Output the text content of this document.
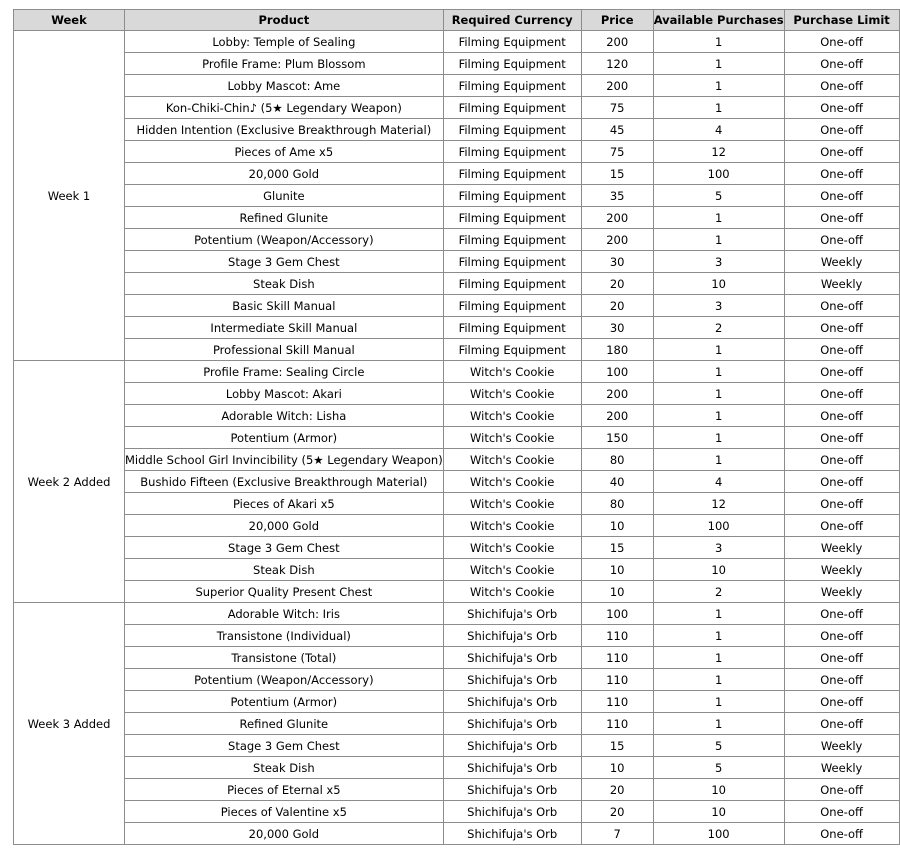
Week	Product	Required Currency	Price	Available Purchases	Purchase Limit
Week 1	Lobby: Temple of Sealing	Filming Equipment	200	1	One-off
	Profile Frame: Plum Blossom	Filming Equipment	120	1	One-off
	Lobby Mascot: Ame	Filming Equipment	200	1	One-off
	Kon-Chiki-Chin♪ (5★ Legendary Weapon)	Filming Equipment	75	1	One-off
	Hidden Intention (Exclusive Breakthrough Material)	Filming Equipment	45	4	One-off
	Pieces of Ame x5	Filming Equipment	75	12	One-off
	20,000 Gold	Filming Equipment	15	100	One-off
	Glunite	Filming Equipment	35	5	One-off
	Refined Glunite	Filming Equipment	200	1	One-off
	Potentium (Weapon/Accessory)	Filming Equipment	200	1	One-off
	Stage 3 Gem Chest	Filming Equipment	30	3	Weekly
	Steak Dish	Filming Equipment	20	10	Weekly
	Basic Skill Manual	Filming Equipment	20	3	One-off
	Intermediate Skill Manual	Filming Equipment	30	2	One-off
	Professional Skill Manual	Filming Equipment	180	1	One-off
Week 2 Added	Profile Frame: Sealing Circle	Witch's Cookie	100	1	One-off
	Lobby Mascot: Akari	Witch's Cookie	200	1	One-off
	Adorable Witch: Lisha	Witch's Cookie	200	1	One-off
	Potentium (Armor)	Witch's Cookie	150	1	One-off
	Middle School Girl Invincibility (5★ Legendary Weapon)	Witch's Cookie	80	1	One-off
	Bushido Fifteen (Exclusive Breakthrough Material)	Witch's Cookie	40	4	One-off
	Pieces of Akari x5	Witch's Cookie	80	12	One-off
	20,000 Gold	Witch's Cookie	10	100	One-off
	Stage 3 Gem Chest	Witch's Cookie	15	3	Weekly
	Steak Dish	Witch's Cookie	10	10	Weekly
	Superior Quality Present Chest	Witch's Cookie	10	2	Weekly
Week 3 Added	Adorable Witch: Iris	Shichifuja's Orb	100	1	One-off
	Transistone (Individual)	Shichifuja's Orb	110	1	One-off
	Transistone (Total)	Shichifuja's Orb	110	1	One-off
	Potentium (Weapon/Accessory)	Shichifuja's Orb	110	1	One-off
	Potentium (Armor)	Shichifuja's Orb	110	1	One-off
	Refined Glunite	Shichifuja's Orb	110	1	One-off
	Stage 3 Gem Chest	Shichifuja's Orb	15	5	Weekly
	Steak Dish	Shichifuja's Orb	10	5	Weekly
	Pieces of Eternal x5	Shichifuja's Orb	20	10	One-off
	Pieces of Valentine x5	Shichifuja's Orb	20	10	One-off
	20,000 Gold	Shichifuja's Orb	7	100	One-off
